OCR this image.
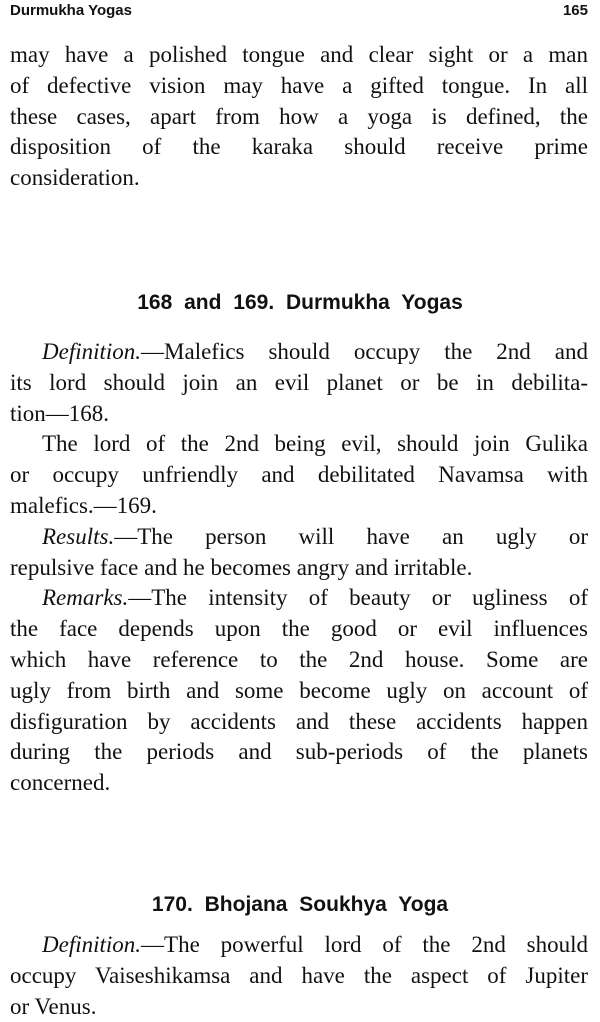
Durmukha Yogas	165
may have a polished tongue and clear sight or a man
of defective vision may have a gifted tongue. In all
these cases, apart from how a yoga is defined, the
disposition of the karaka should receive prime
consideration.
168 and 169. Durmukha Yogas
Definition.—Malefics should occupy the 2nd and
its lord should join an evil planet or be in debilita-
tion—168.
The lord of the 2nd being evil, should join Gulika
or occupy unfriendly and debilitated Navamsa with
malefics.—169.
Results.—The person will have an ugly or
repulsive face and he becomes angry and irritable.
Remarks.—The intensity of beauty or ugliness of
the face depends upon the good or evil influences
which have reference to the 2nd house. Some are
ugly from birth and some become ugly on account of
disfiguration by accidents and these accidents happen
during the periods and sub-periods of the planets
concerned.
170. Bhojana Soukhya Yoga
Definition.—The powerful lord of the 2nd should
occupy Vaiseshikamsa and have the aspect of Jupiter
or Venus.
